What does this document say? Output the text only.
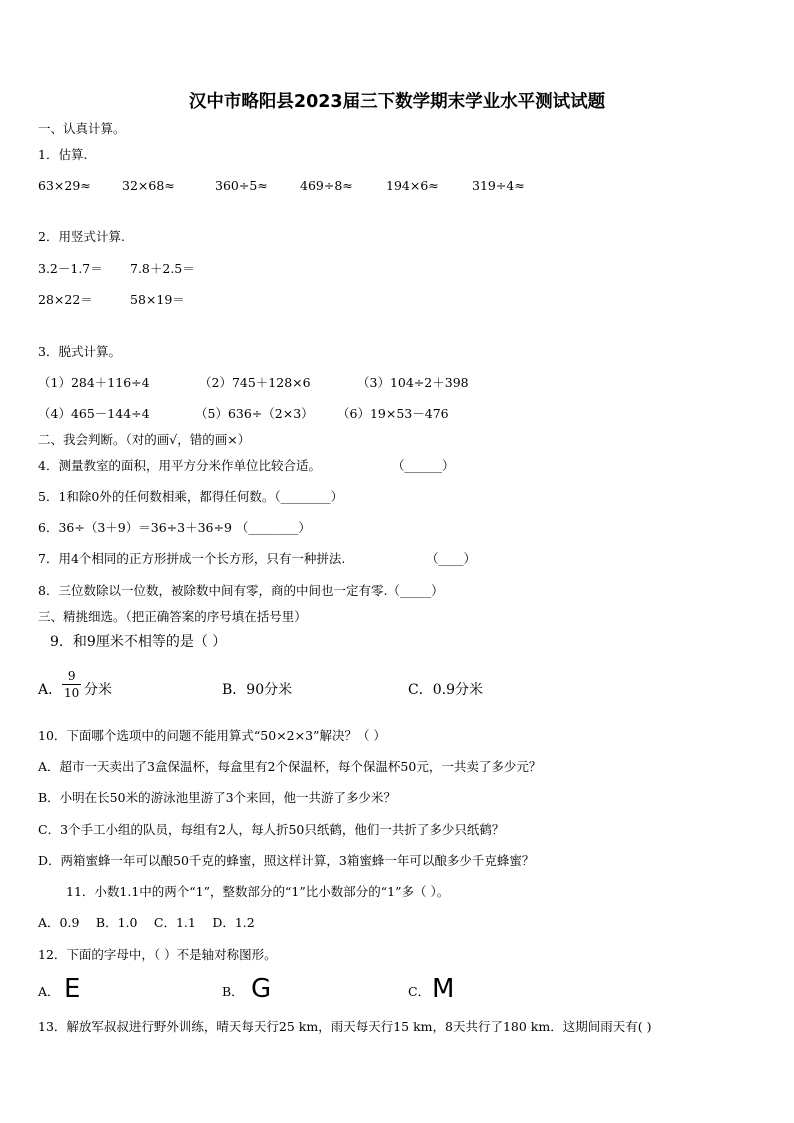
汉中市略阳县2023届三下数学期末学业水平测试试题
一、认真计算。
1．估算.
63×29≈ 32×68≈	360÷5≈	469÷8≈	194×6≈	319÷4≈
2．用竖式计算.
3.2－1.7＝ 7.8＋2.5＝
28×22＝	58×19＝
3．脱式计算。
（1）284＋116÷4	（2）745＋128×6	（3）104÷2＋398
（4）465－144÷4	（5）636÷（2×3） （6）19×53－476
二、我会判断。（对的画√，错的画×）
4．测量教室的面积，用平方分米作单位比较合适。	（______）
5．1和除0外的任何数相乘，都得任何数。（________）
6．36÷（3＋9）＝36÷3＋36÷9 （________）
7．用4个相同的正方形拼成一个长方形，只有一种拼法.	（____）
8．三位数除以一位数，被除数中间有零，商的中间也一定有零.（_____）
三、精挑细选。（把正确答案的序号填在括号里）
9．和9厘米不相等的是（ ）
A．
9
10 分米	B．90分米	C．0.9分米
10．下面哪个选项中的问题不能用算式“50×2×3”解决？（ ）
A．超市一天卖出了3盒保温杯，每盒里有2个保温杯，每个保温杯50元，一共卖了多少元？
B．小明在长50米的游泳池里游了3个来回，他一共游了多少米？
C．3个手工小组的队员，每组有2人，每人折50只纸鹤，他们一共折了多少只纸鹤？
D．两箱蜜蜂一年可以酿50千克的蜂蜜，照这样计算，3箱蜜蜂一年可以酿多少千克蜂蜜？
11．小数1.1中的两个“1”，整数部分的“1”比小数部分的“1”多（ ）。
A．0.9　 B．1.0　 C．1.1　 D．1.2
12．下面的字母中，（ ）不是轴对称图形。
A． E	B． G	C． M
13．解放军叔叔进行野外训练，晴天每天行25 km，雨天每天行15 km，8天共行了180 km．这期间雨天有( )
